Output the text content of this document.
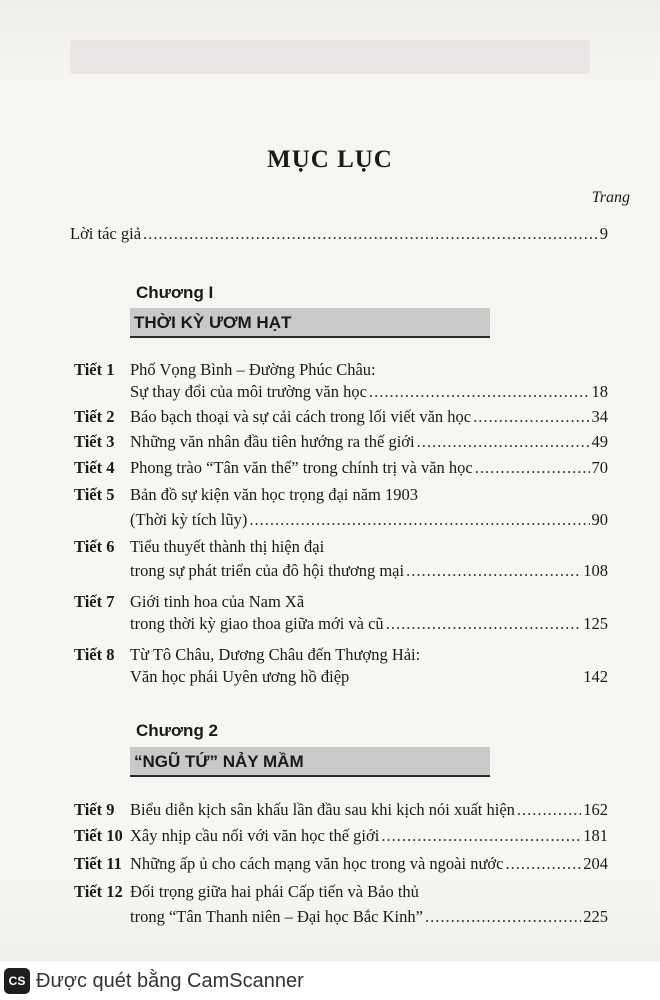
MỤC LỤC
Trang
Lời tác giả .....	9
Chương I
THỜI KỲ ƯƠM HẠT
Tiết 1 Phố Vọng Bình – Đường Phúc Châu:
Sự thay đổi của môi trường văn học .....	18
Tiết 2 Báo bạch thoại và sự cải cách trong lối viết văn học .....	34
Tiết 3 Những văn nhân đầu tiên hướng ra thế giới .....	49
Tiết 4 Phong trào “Tân văn thể” trong chính trị và văn học .....	70
Tiết 5 Bản đồ sự kiện văn học trọng đại năm 1903
(Thời kỳ tích lũy) .....	90
Tiết 6 Tiểu thuyết thành thị hiện đại
trong sự phát triển của đô hội thương mại .....	108
Tiết 7 Giới tinh hoa của Nam Xã
trong thời kỳ giao thoa giữa mới và cũ .....	125
Tiết 8 Từ Tô Châu, Dương Châu đến Thượng Hải:
Văn học phái Uyên ương hồ điệp	142
Chương 2
“NGŨ TỨ” NẢY MẦM
Tiết 9 Biểu diễn kịch sân khấu lần đầu sau khi kịch nói xuất hiện .....	162
Tiết 10 Xây nhịp cầu nối với văn học thế giới .....	181
Tiết 11 Những ấp ủ cho cách mạng văn học trong và ngoài nước .....	204
Tiết 12 Đối trọng giữa hai phái Cấp tiến và Bảo thủ
trong “Tân Thanh niên – Đại học Bắc Kinh” .....	225
CS Được quét bằng CamScanner
